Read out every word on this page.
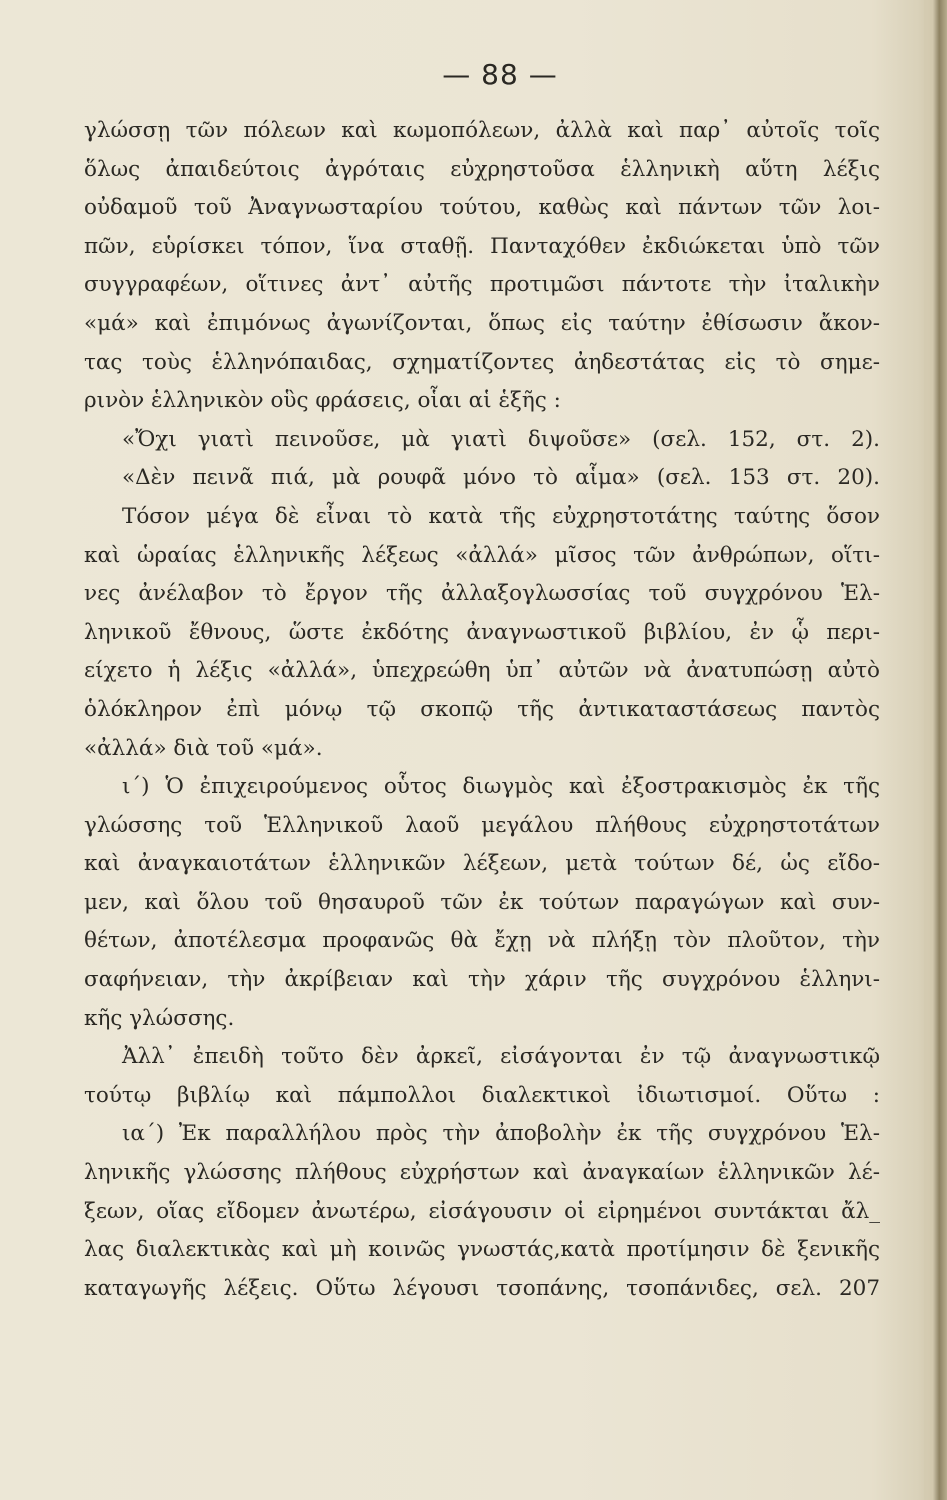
— 88 —
γλώσσῃ τῶν πόλεων καὶ κωμοπόλεων, ἀλλὰ καὶ παρ᾿ αὐτοῖς τοῖς
ὅλως ἀπαιδεύτοις ἀγρόταις εὐχρηστοῦσα ἑλληνικὴ αὕτη λέξις
οὐδαμοῦ τοῦ Ἀναγνωσταρίου τούτου, καθὼς καὶ πάντων τῶν λοι-
πῶν, εὑρίσκει τόπον, ἵνα σταθῇ. Πανταχόθεν ἐκδιώκεται ὑπὸ τῶν
συγγραφέων, οἵτινες ἀντ᾿ αὐτῆς προτιμῶσι πάντοτε τὴν ἰταλικὴν
«μά» καὶ ἐπιμόνως ἀγωνίζονται, ὅπως εἰς ταύτην ἐθίσωσιν ἄκον-
τας τοὺς ἑλληνόπαιδας, σχηματίζοντες ἀηδεστάτας εἰς τὸ σημε-
ρινὸν ἑλληνικὸν οὓς φράσεις, οἷαι αἱ ἑξῆς :
«Ὄχι γιατὶ πεινοῦσε, μὰ γιατὶ διψοῦσε» (σελ. 152, στ. 2).
«Δὲν πεινᾶ πιά, μὰ ρουφᾶ μόνο τὸ αἷμα» (σελ. 153 στ. 20).
Τόσον μέγα δὲ εἶναι τὸ κατὰ τῆς εὐχρηστοτάτης ταύτης ὅσον
καὶ ὡραίας ἑλληνικῆς λέξεως «ἀλλά» μῖσος τῶν ἀνθρώπων, οἵτι-
νες ἀνέλαβον τὸ ἔργον τῆς ἀλλαξογλωσσίας τοῦ συγχρόνου Ἑλ-
ληνικοῦ ἔθνους, ὥστε ἐκδότης ἀναγνωστικοῦ βιβλίου, ἐν ᾧ περι-
είχετο ἡ λέξις «ἀλλά», ὑπεχρεώθη ὑπ᾿ αὐτῶν νὰ ἀνατυπώσῃ αὐτὸ
ὁλόκληρον ἐπὶ μόνῳ τῷ σκοπῷ τῆς ἀντικαταστάσεως παντὸς
«ἀλλά» διὰ τοῦ «μά».
ι΄) Ὁ ἐπιχειρούμενος οὗτος διωγμὸς καὶ ἐξοστρακισμὸς ἐκ τῆς
γλώσσης τοῦ Ἑλληνικοῦ λαοῦ μεγάλου πλήθους εὐχρηστοτάτων
καὶ ἀναγκαιοτάτων ἑλληνικῶν λέξεων, μετὰ τούτων δέ, ὡς εἴδο-
μεν, καὶ ὅλου τοῦ θησαυροῦ τῶν ἐκ τούτων παραγώγων καὶ συν-
θέτων, ἀποτέλεσμα προφανῶς θὰ ἔχῃ νὰ πλήξῃ τὸν πλοῦτον, τὴν
σαφήνειαν, τὴν ἀκρίβειαν καὶ τὴν χάριν τῆς συγχρόνου ἑλληνι-
κῆς γλώσσης.
Ἀλλ᾿ ἐπειδὴ τοῦτο δὲν ἀρκεῖ, εἰσάγονται ἐν τῷ ἀναγνωστικῷ
τούτῳ βιβλίῳ καὶ πάμπολλοι διαλεκτικοὶ ἰδιωτισμοί. Οὕτω :
ια΄) Ἐκ παραλλήλου πρὸς τὴν ἀποβολὴν ἐκ τῆς συγχρόνου Ἑλ-
ληνικῆς γλώσσης πλήθους εὐχρήστων καὶ ἀναγκαίων ἑλληνικῶν λέ-
ξεων, οἵας εἴδομεν ἀνωτέρω, εἰσάγουσιν οἱ εἰρημένοι συντάκται ἄλ_
λας διαλεκτικὰς καὶ μὴ κοινῶς γνωστάς,κατὰ προτίμησιν δὲ ξενικῆς
καταγωγῆς λέξεις. Οὕτω λέγουσι τσοπάνης, τσοπάνιδες, σελ. 207
